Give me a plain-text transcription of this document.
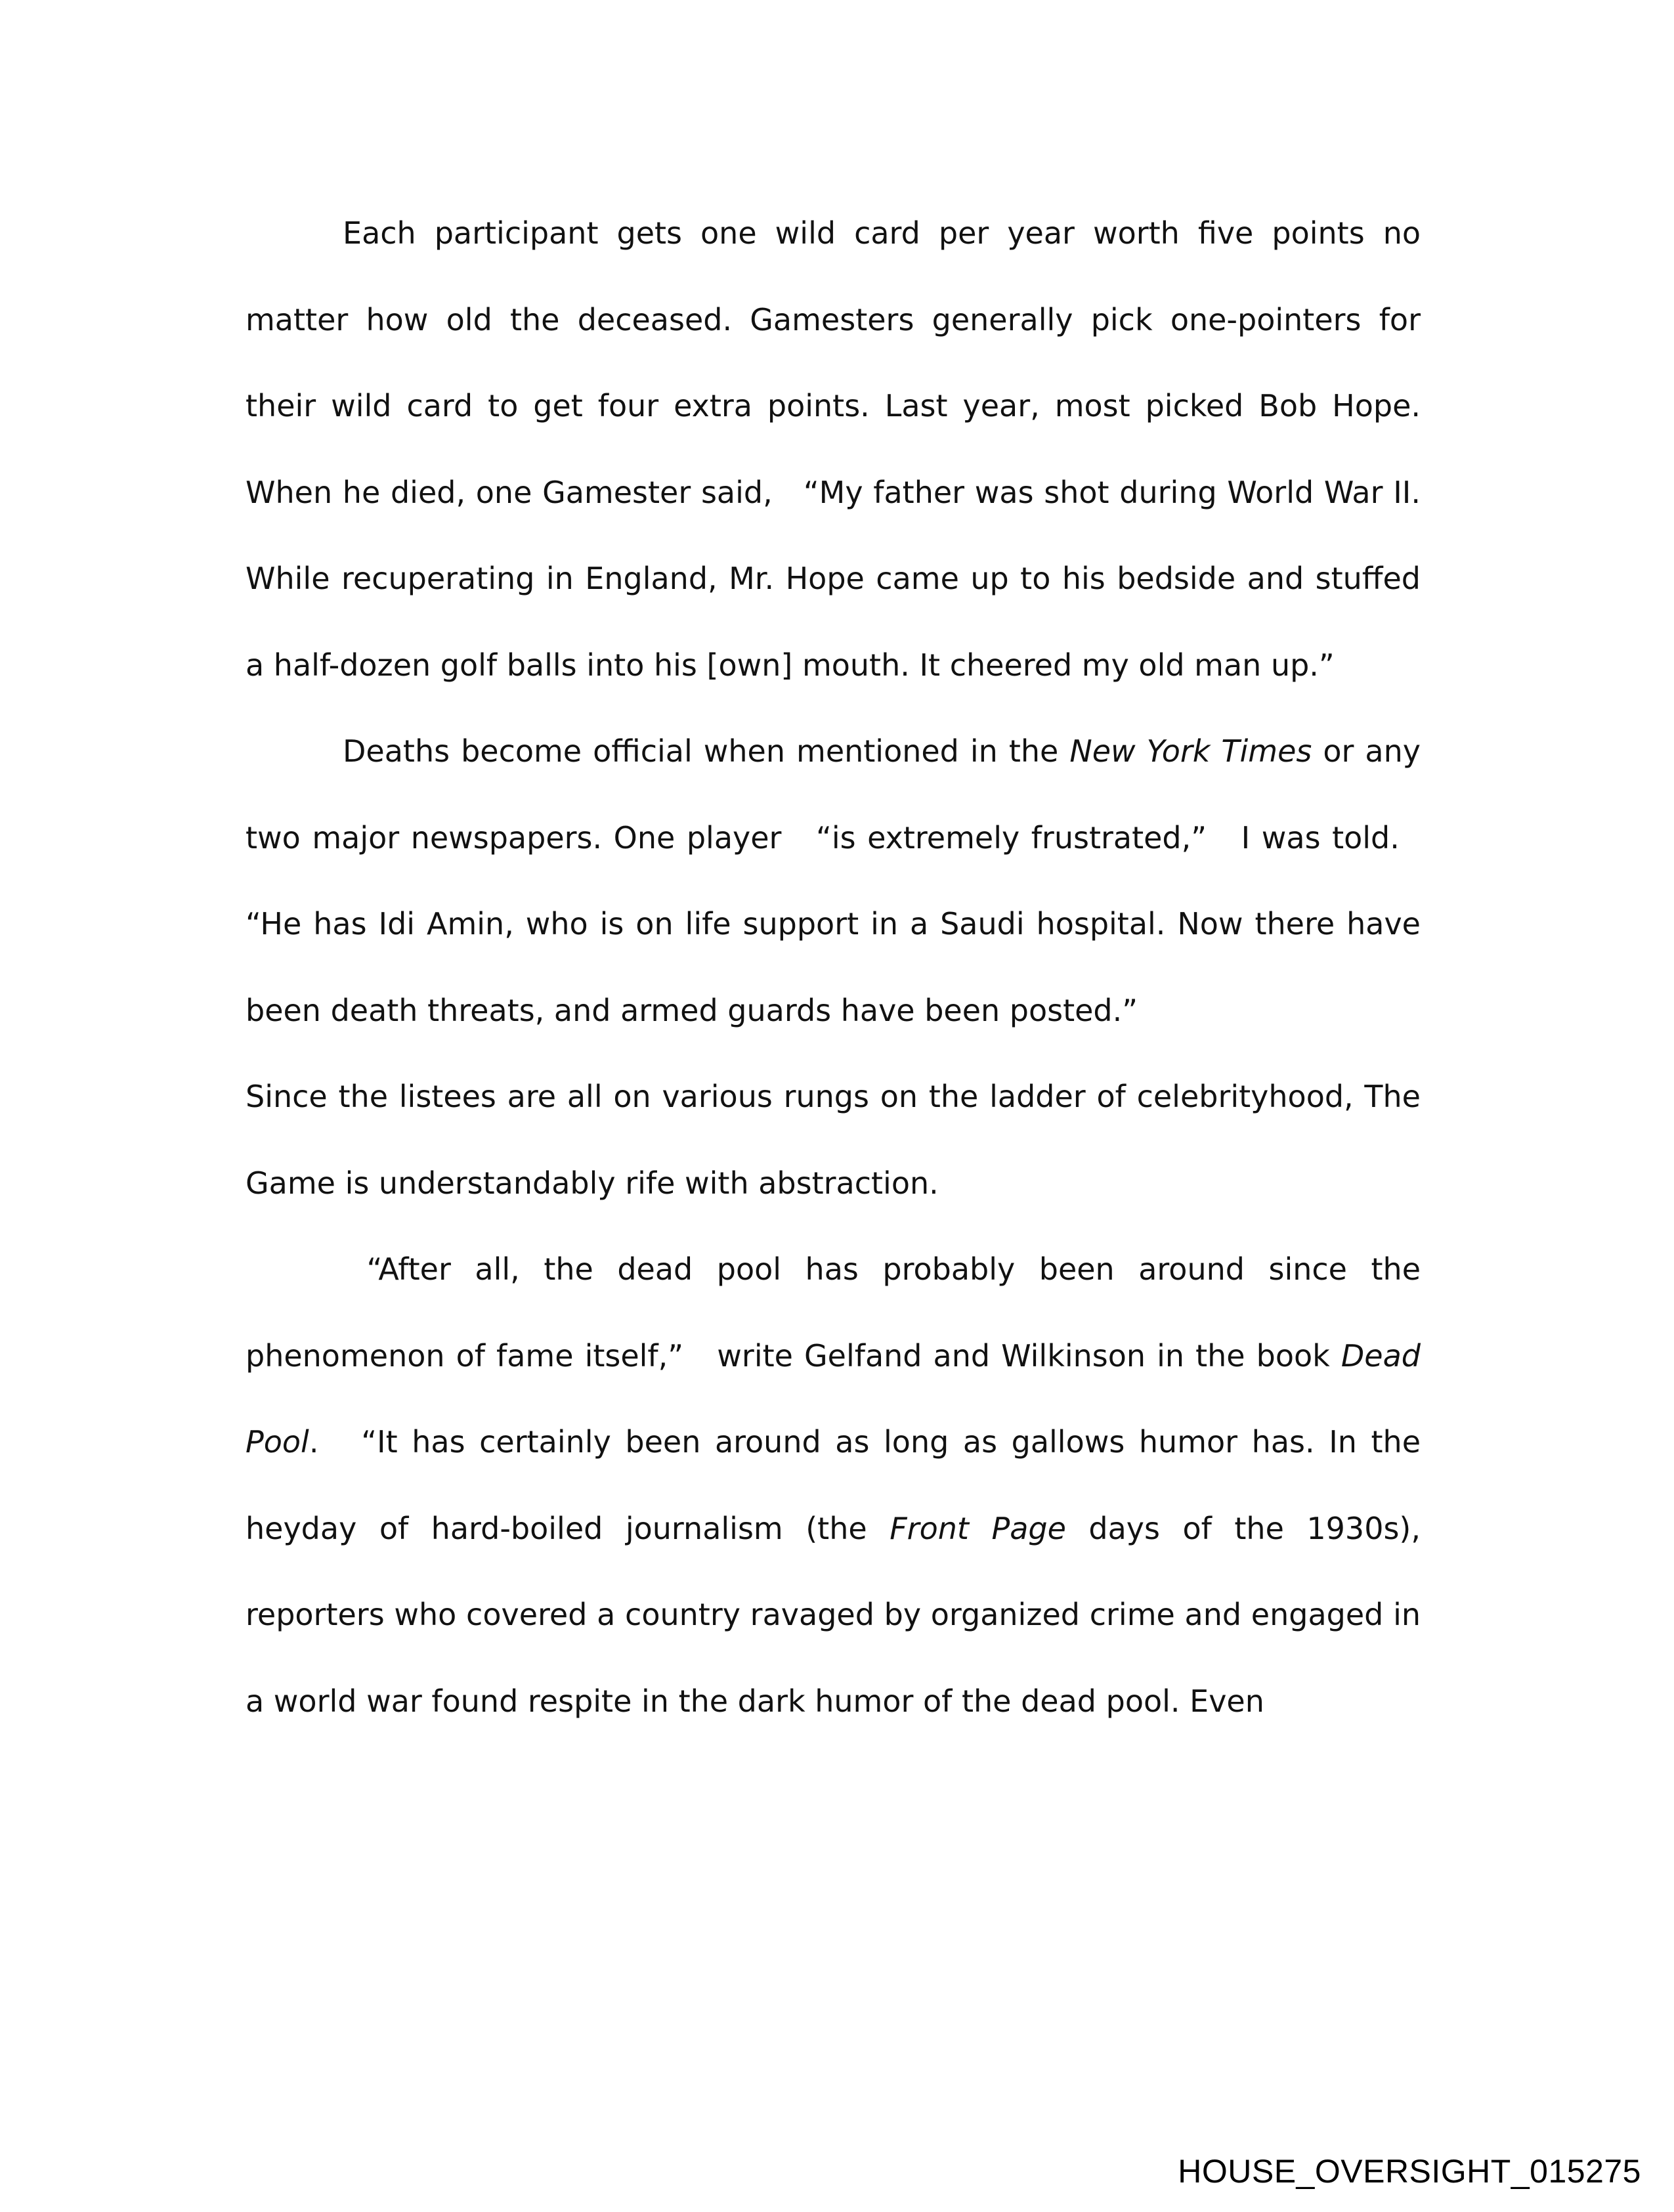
Each participant gets one wild card per year worth five points no matter how old the deceased. Gamesters generally pick one-pointers for their wild card to get four extra points. Last year, most picked Bob Hope. When he died, one Gamester said,   “My father was shot during World War II. While recuperating in England, Mr. Hope came up to his bedside and stuffed a half-dozen golf balls into his [own] mouth. It cheered my old man up.”

Deaths become official when mentioned in the New York Times or any two major newspapers. One player   “is extremely frustrated,”   I was told.   “He has Idi Amin, who is on life support in a Saudi hospital. Now there have been death threats, and armed guards have been posted.”

Since the listees are all on various rungs on the ladder of celebrityhood, The Game is understandably rife with abstraction.

“After all, the dead pool has probably been around since the phenomenon of fame itself,”   write Gelfand and Wilkinson in the book Dead Pool.   “It has certainly been around as long as gallows humor has. In the heyday of hard-boiled journalism (the Front Page days of the 1930s), reporters who covered a country ravaged by organized crime and engaged in a world war found respite in the dark humor of the dead pool. Even

HOUSE_OVERSIGHT_015275
